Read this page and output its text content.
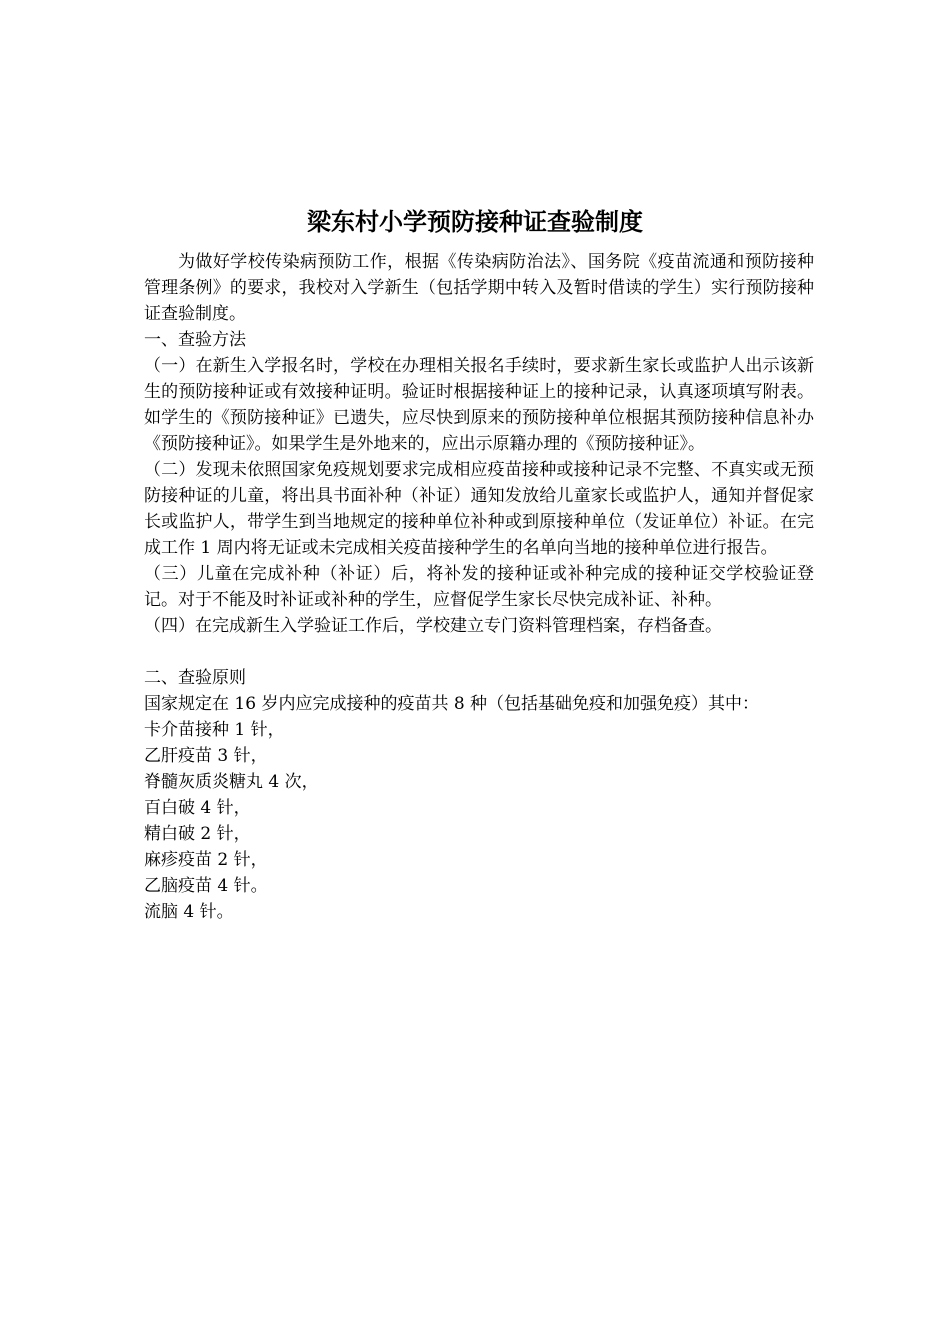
梁东村小学预防接种证查验制度

为做好学校传染病预防工作，根据《传染病防治法》、国务院《疫苗流通和预防接种管理条例》的要求，我校对入学新生（包括学期中转入及暂时借读的学生）实行预防接种证查验制度。

一、查验方法

（一）在新生入学报名时，学校在办理相关报名手续时，要求新生家长或监护人出示该新生的预防接种证或有效接种证明。验证时根据接种证上的接种记录，认真逐项填写附表。如学生的《预防接种证》已遗失，应尽快到原来的预防接种单位根据其预防接种信息补办《预防接种证》。如果学生是外地来的，应出示原籍办理的《预防接种证》。

（二）发现未依照国家免疫规划要求完成相应疫苗接种或接种记录不完整、不真实或无预防接种证的儿童，将出具书面补种（补证）通知发放给儿童家长或监护人，通知并督促家长或监护人，带学生到当地规定的接种单位补种或到原接种单位（发证单位）补证。在完成工作 1 周内将无证或未完成相关疫苗接种学生的名单向当地的接种单位进行报告。

（三）儿童在完成补种（补证）后，将补发的接种证或补种完成的接种证交学校验证登记。对于不能及时补证或补种的学生，应督促学生家长尽快完成补证、补种。

（四）在完成新生入学验证工作后，学校建立专门资料管理档案，存档备查。

二、查验原则

国家规定在 16 岁内应完成接种的疫苗共 8 种（包括基础免疫和加强免疫）其中：

卡介苗接种 1 针，

乙肝疫苗 3 针，

脊髓灰质炎糖丸 4 次，

百白破 4 针，

精白破 2 针，

麻疹疫苗 2 针，

乙脑疫苗 4 针。

流脑 4 针。
